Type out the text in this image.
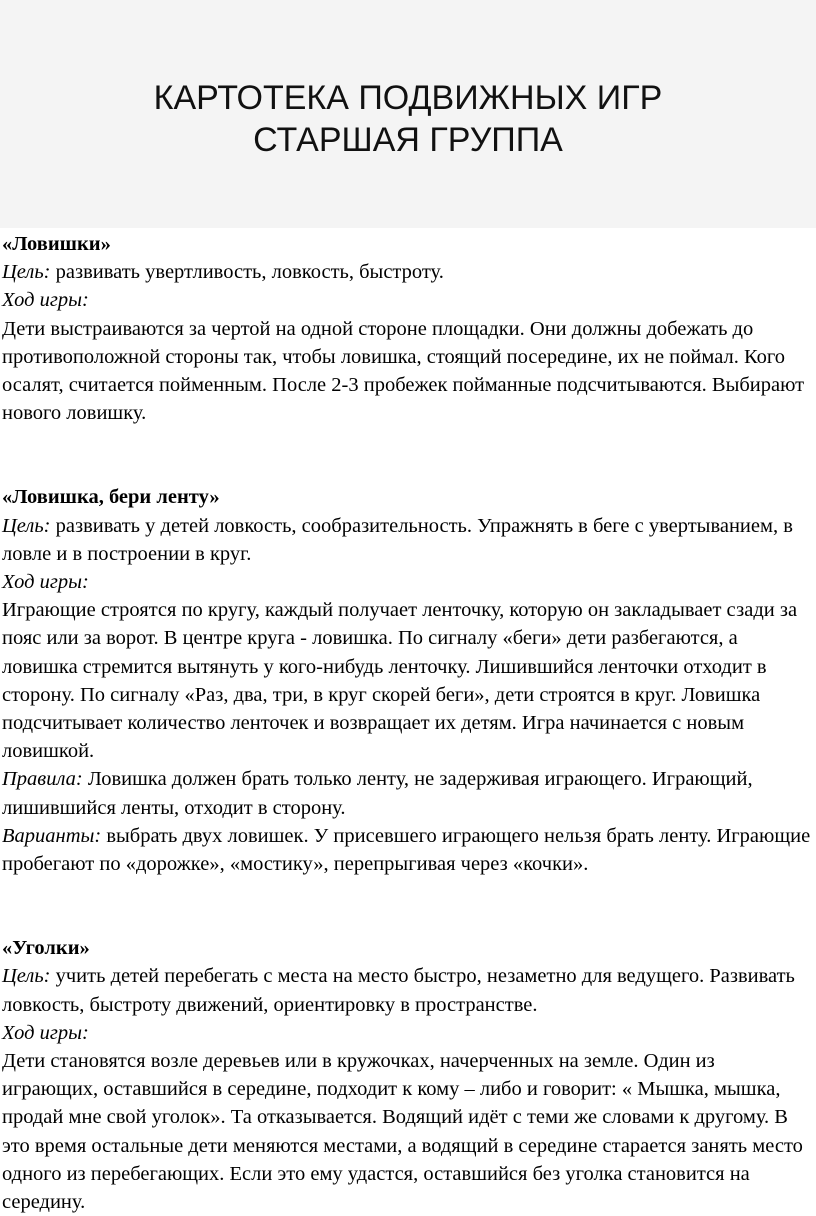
КАРТОТЕКА ПОДВИЖНЫХ ИГР
СТАРШАЯ ГРУППА

«Ловишки»

Цель: развивать увертливость, ловкость, быстроту.

Ход игры:

Дети выстраиваются за чертой на одной стороне площадки. Они должны добежать до противоположной стороны так, чтобы ловишка, стоящий посередине, их не поймал. Кого осалят, считается пойменным. После 2-3 пробежек пойманные подсчитываются. Выбирают нового ловишку.

«Ловишка, бери ленту»

Цель: развивать у детей ловкость, сообразительность. Упражнять в беге с увертыванием, в ловле и в построении в круг.

Ход игры:

Играющие строятся по кругу, каждый получает ленточку, которую он закладывает сзади за пояс или за ворот. В центре круга - ловишка. По сигналу «беги» дети разбегаются, а ловишка стремится вытянуть у кого-нибудь ленточку. Лишившийся ленточки отходит в сторону. По сигналу «Раз, два, три, в круг скорей беги», дети строятся в круг. Ловишка подсчитывает количество ленточек и возвращает их детям. Игра начинается с новым ловишкой.

Правила: Ловишка должен брать только ленту, не задерживая играющего. Играющий, лишившийся ленты, отходит в сторону.

Варианты: выбрать двух ловишек. У присевшего играющего нельзя брать ленту. Играющие пробегают по «дорожке», «мостику», перепрыгивая через «кочки».

«Уголки»

Цель: учить детей перебегать с места на место быстро, незаметно для ведущего. Развивать ловкость, быстроту движений, ориентировку в пространстве.

Ход игры:

Дети становятся возле деревьев или в кружочках, начерченных на земле. Один из играющих, оставшийся в середине, подходит к кому – либо и говорит: « Мышка, мышка, продай мне свой уголок». Та отказывается. Водящий идёт с теми же словами к другому. В это время остальные дети меняются местами, а водящий в середине старается занять место одного из перебегающих. Если это ему удастся, оставшийся без уголка становится на середину.
